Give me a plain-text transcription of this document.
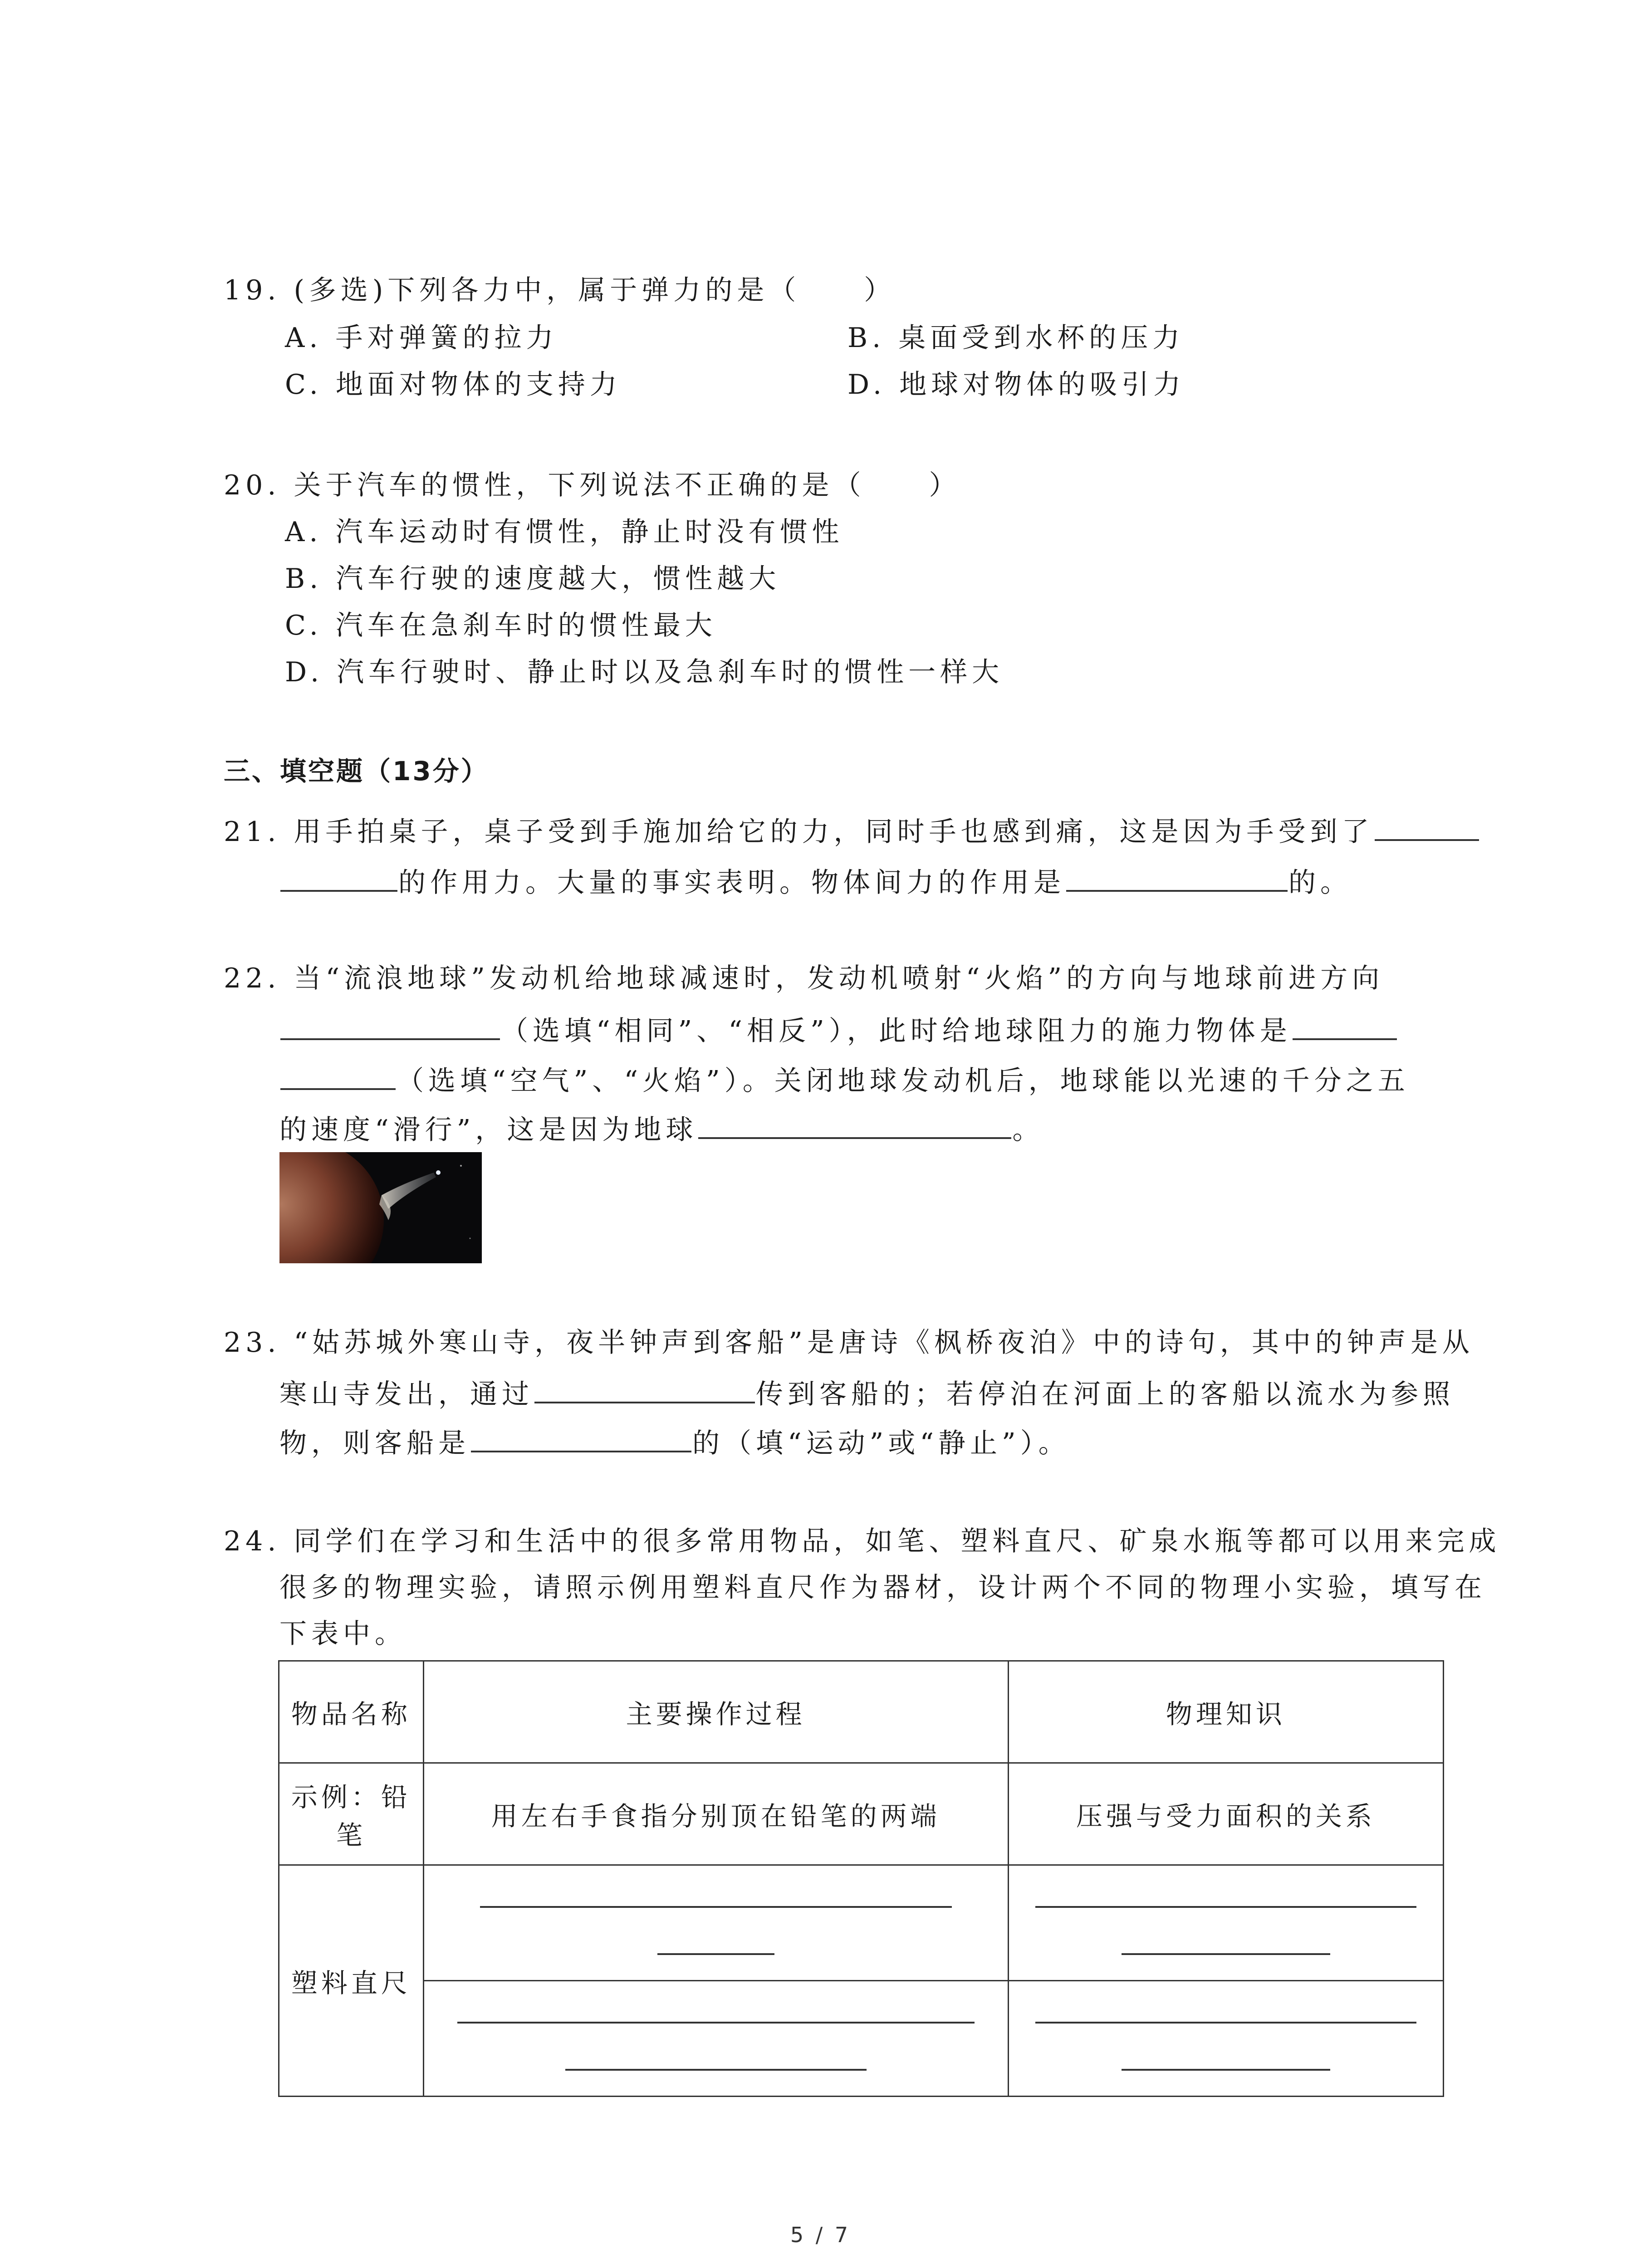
19. (多选)下列各力中，属于弹力的是（　　）
A. 手对弹簧的拉力	B. 桌面受到水杯的压力
C. 地面对物体的支持力	D. 地球对物体的吸引力
20. 关于汽车的惯性，下列说法不正确的是（　　）
A. 汽车运动时有惯性，静止时没有惯性
B. 汽车行驶的速度越大，惯性越大
C. 汽车在急刹车时的惯性最大
D. 汽车行驶时、静止时以及急刹车时的惯性一样大
三、填空题（13分）
21. 用手拍桌子，桌子受到手施加给它的力，同时手也感到痛，这是因为手受到了
的作用力。大量的事实表明。物体间力的作用是	的。
22. 当“流浪地球”发动机给地球减速时，发动机喷射“火焰”的方向与地球前进方向
（选填“相同”、“相反”），此时给地球阻力的施力物体是
（选填“空气”、“火焰”）。关闭地球发动机后，地球能以光速的千分之五
的速度“滑行”，这是因为地球	。
23. “姑苏城外寒山寺，夜半钟声到客船”是唐诗《枫桥夜泊》中的诗句，其中的钟声是从
寒山寺发出，通过	传到客船的；若停泊在河面上的客船以流水为参照
物，则客船是	的（填“运动”或“静止”）。
24. 同学们在学习和生活中的很多常用物品，如笔、塑料直尺、矿泉水瓶等都可以用来完成
很多的物理实验，请照示例用塑料直尺作为器材，设计两个不同的物理小实验，填写在
下表中。
物品名称	主要操作过程	物理知识
示例：铅笔	用左右手食指分别顶在铅笔的两端	压强与受力面积的关系
塑料直尺	

5 / 7
